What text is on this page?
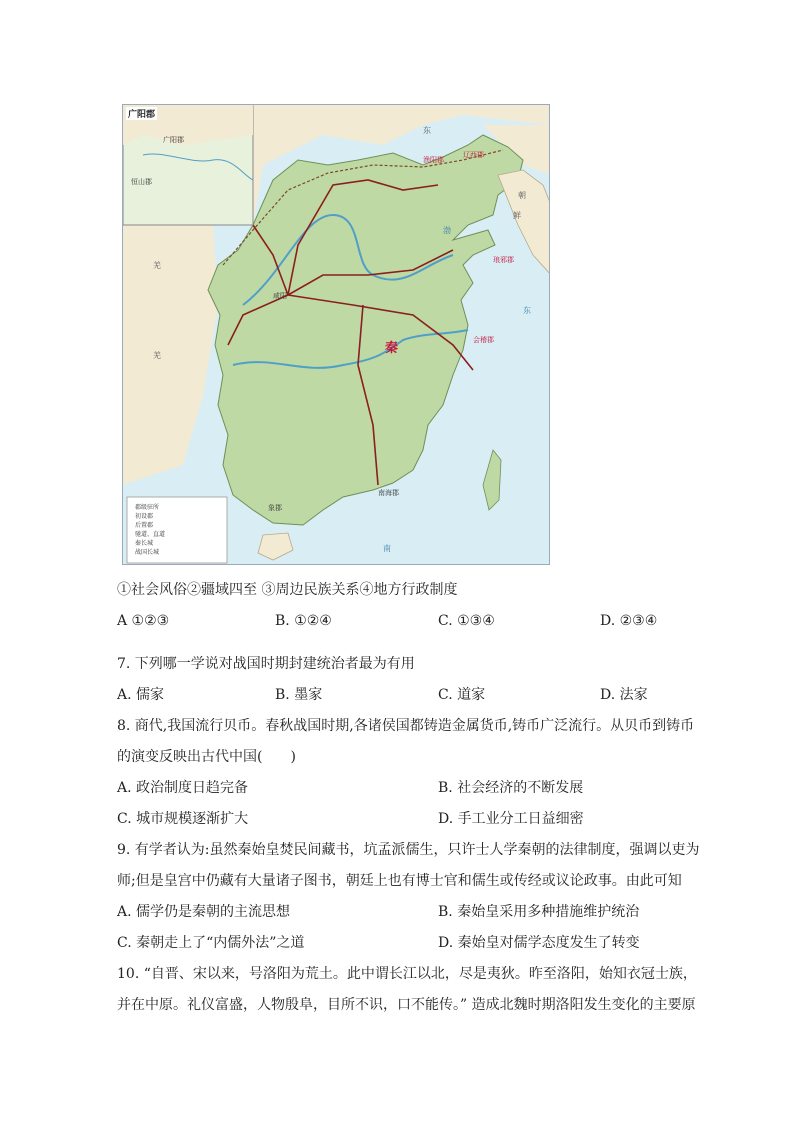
广阳郡
广阳郡
恒山郡
秦
咸阳
渔阳郡
辽西郡
琅邪郡
会稽郡
南海郡
象郡
羌
羌
东
朝
鲜
渤
东
南
郡级驻所
初设郡
后置郡
驰道、直道
秦长城
战国长城
①社会风俗②疆域四至 ③周边民族关系④地方行政制度
A ①②③	B. ①②④	C. ①③④	D. ②③④
7. 下列哪一学说对战国时期封建统治者最为有用
A. 儒家	B. 墨家	C. 道家	D. 法家
8. 商代,我国流行贝币。春秋战国时期,各诸侯国都铸造金属货币,铸币广泛流行。从贝币到铸币
的演变反映出古代中国(　　)
A. 政治制度日趋完备	B. 社会经济的不断发展
C. 城市规模逐渐扩大	D. 手工业分工日益细密
9. 有学者认为:虽然秦始皇焚民间藏书，坑孟派儒生，只许士人学秦朝的法律制度，强调以吏为
师;但是皇宫中仍藏有大量诸子图书，朝廷上也有博士官和儒生或传经或议论政事。由此可知
A. 儒学仍是秦朝的主流思想	B. 秦始皇采用多种措施维护统治
C. 秦朝走上了“内儒外法”之道	D. 秦始皇对儒学态度发生了转变
10. “自晋、宋以来，号洛阳为荒土。此中谓长江以北，尽是夷狄。昨至洛阳，始知衣冠士族，
并在中原。礼仪富盛，人物殷阜，目所不识，口不能传。” 造成北魏时期洛阳发生变化的主要原
